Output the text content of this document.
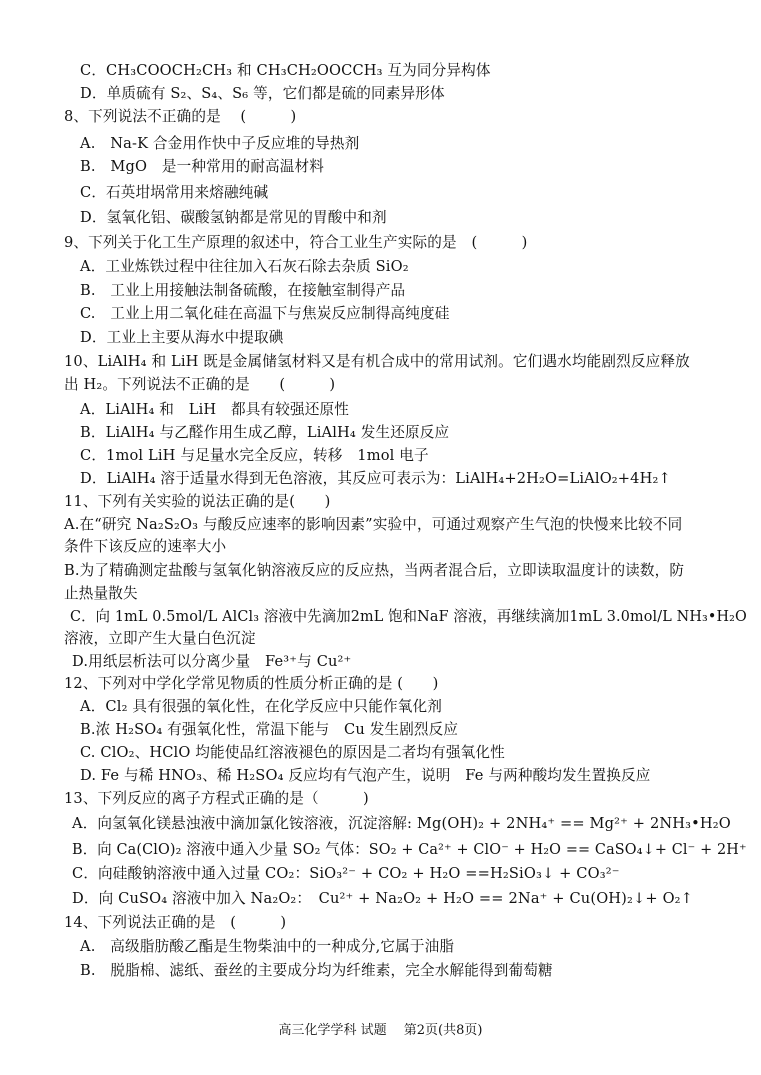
C．CH₃COOCH₂CH₃ 和 CH₃CH₂OOCCH₃ 互为同分异构体
D．单质硫有 S₂、S₄、S₆ 等，它们都是硫的同素异形体
8、下列说法不正确的是　 (　　　)
A.　Na-K 合金用作快中子反应堆的导热剂
B.　MgO　是一种常用的耐高温材料
C．石英坩埚常用来熔融纯碱
D．氢氧化铝、碳酸氢钠都是常见的胃酸中和剂
9、下列关于化工生产原理的叙述中，符合工业生产实际的是　(　　　)
A．工业炼铁过程中往往加入石灰石除去杂质 SiO₂
B.　工业上用接触法制备硫酸，在接触室制得产品
C.　工业上用二氧化硅在高温下与焦炭反应制得高纯度硅
D．工业上主要从海水中提取碘
10、LiAlH₄ 和 LiH 既是金属储氢材料又是有机合成中的常用试剂。它们遇水均能剧烈反应释放
出 H₂。下列说法不正确的是　　(　　　)
A．LiAlH₄ 和　LiH　都具有较强还原性
B．LiAlH₄ 与乙醛作用生成乙醇，LiAlH₄ 发生还原反应
C．1mol LiH 与足量水完全反应，转移　1mol 电子
D．LiAlH₄ 溶于适量水得到无色溶液，其反应可表示为：LiAlH₄+2H₂O=LiAlO₂+4H₂↑
11、下列有关实验的说法正确的是(　　)
A.在“研究 Na₂S₂O₃ 与酸反应速率的影响因素”实验中，可通过观察产生气泡的快慢来比较不同
条件下该反应的速率大小
B.为了精确测定盐酸与氢氧化钠溶液反应的反应热，当两者混合后，立即读取温度计的读数，防
止热量散失
C．向 1mL 0.5mol/L AlCl₃ 溶液中先滴加2mL 饱和NaF 溶液，再继续滴加1mL 3.0mol/L NH₃•H₂O
溶液，立即产生大量白色沉淀
D.用纸层析法可以分离少量　Fe³⁺与 Cu²⁺
12、下列对中学化学常见物质的性质分析正确的是 (　　)
A．Cl₂ 具有很强的氧化性，在化学反应中只能作氧化剂
B.浓 H₂SO₄ 有强氧化性，常温下能与　Cu 发生剧烈反应
C. ClO₂、HClO 均能使品红溶液褪色的原因是二者均有强氧化性
D. Fe 与稀 HNO₃、稀 H₂SO₄ 反应均有气泡产生，说明　Fe 与两种酸均发生置换反应
13、下列反应的离子方程式正确的是（　　　)
A．向氢氧化镁悬浊液中滴加氯化铵溶液，沉淀溶解: Mg(OH)₂ + 2NH₄⁺ == Mg²⁺ + 2NH₃•H₂O
B．向 Ca(ClO)₂ 溶液中通入少量 SO₂ 气体：SO₂ + Ca²⁺ + ClO⁻ + H₂O == CaSO₄↓+ Cl⁻ + 2H⁺
C．向硅酸钠溶液中通入过量 CO₂：SiO₃²⁻ + CO₂ + H₂O ==H₂SiO₃↓ + CO₃²⁻
D．向 CuSO₄ 溶液中加入 Na₂O₂：　Cu²⁺ + Na₂O₂ + H₂O == 2Na⁺ + Cu(OH)₂↓+ O₂↑
14、下列说法正确的是　(　　　)
A.　高级脂肪酸乙酯是生物柴油中的一种成分,它属于油脂
B.　脱脂棉、滤纸、蚕丝的主要成分均为纤维素，完全水解能得到葡萄糖
高三化学学科 试题　 第2页(共8页)
